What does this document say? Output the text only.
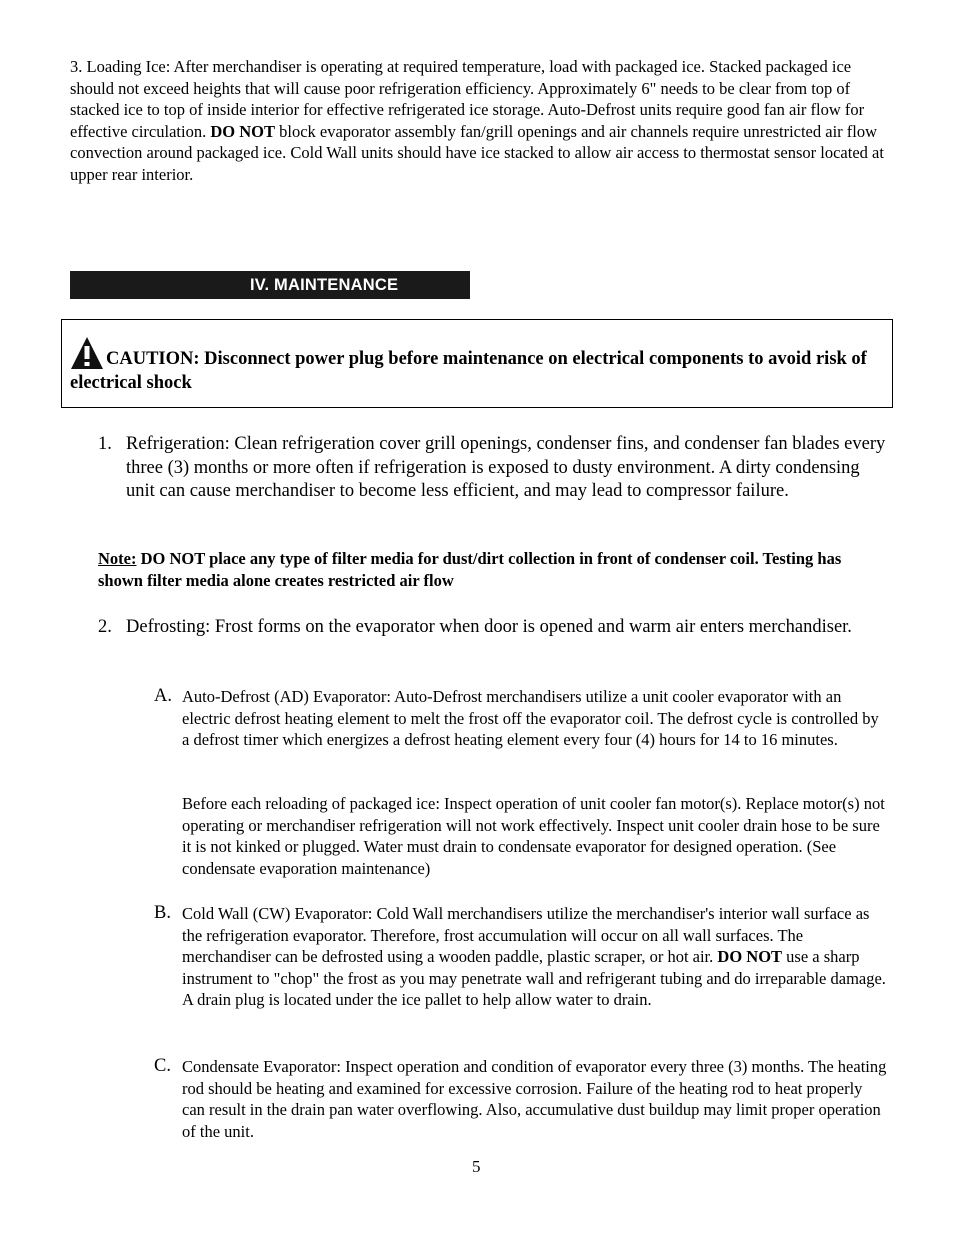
3. Loading Ice: After merchandiser is operating at required temperature, load with packaged ice. Stacked packaged ice should not exceed heights that will cause poor refrigeration efficiency. Approximately 6" needs to be clear from top of stacked ice to top of inside interior for effective refrigerated ice storage. Auto-Defrost units require good fan air flow for effective circulation. DO NOT block evaporator assembly fan/grill openings and air channels require unrestricted air flow convection around packaged ice. Cold Wall units should have ice stacked to allow air access to thermostat sensor located at upper rear interior.
IV. MAINTENANCE
CAUTION: Disconnect power plug before maintenance on electrical components to avoid risk of electrical shock
1. Refrigeration: Clean refrigeration cover grill openings, condenser fins, and condenser fan blades every three (3) months or more often if refrigeration is exposed to dusty environment. A dirty condensing unit can cause merchandiser to become less efficient, and may lead to compressor failure.
Note: DO NOT place any type of filter media for dust/dirt collection in front of condenser coil. Testing has shown filter media alone creates restricted air flow
2. Defrosting: Frost forms on the evaporator when door is opened and warm air enters merchandiser.
A. Auto-Defrost (AD) Evaporator: Auto-Defrost merchandisers utilize a unit cooler evaporator with an electric defrost heating element to melt the frost off the evaporator coil. The defrost cycle is controlled by a defrost timer which energizes a defrost heating element every four (4) hours for 14 to 16 minutes.
Before each reloading of packaged ice: Inspect operation of unit cooler fan motor(s). Replace motor(s) not operating or merchandiser refrigeration will not work effectively. Inspect unit cooler drain hose to be sure it is not kinked or plugged. Water must drain to condensate evaporator for designed operation. (See condensate evaporation maintenance)
B. Cold Wall (CW) Evaporator: Cold Wall merchandisers utilize the merchandiser's interior wall surface as the refrigeration evaporator. Therefore, frost accumulation will occur on all wall surfaces. The merchandiser can be defrosted using a wooden paddle, plastic scraper, or hot air. DO NOT use a sharp instrument to "chop" the frost as you may penetrate wall and refrigerant tubing and do irreparable damage. A drain plug is located under the ice pallet to help allow water to drain.
C. Condensate Evaporator: Inspect operation and condition of evaporator every three (3) months. The heating rod should be heating and examined for excessive corrosion. Failure of the heating rod to heat properly can result in the drain pan water overflowing. Also, accumulative dust buildup may limit proper operation of the unit.
5
